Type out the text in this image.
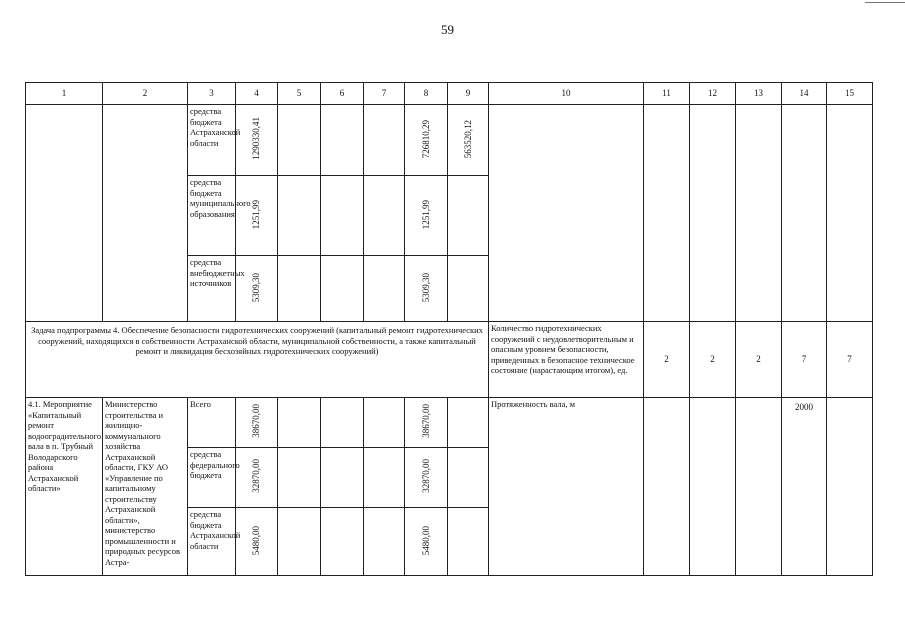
59
1	2	3	4	5	6	7	8	9	10	11	12	13	14	15
		средства бюджета Астраханской области	1290330,41				726810,29	563520,12						
		средства бюджета муниципального образования	1251,99				1251,99							
		средства внебюджетных источников	5309,30				5309,30							
Задача подпрограммы 4. Обеспечение безопасности гидротехнических сооружений (капитальный ремонт гидротехнических сооружений, находящихся в собственности Астраханской области, муниципальной собственности, а также капитальный ремонт и ликвидация бесхозяйных гидротехнических сооружений)									Количество гидротехнических сооружений с неудовлетворительным и опасным уровнем безопасности, приведенных в безопасное техническое состояние (нарастающим итогом), ед.	2	2	2	7	7
4.1. Мероприятие «Капитальный ремонт водооградительного вала в п. Трубный Володарского района Астраханской области»	Министерство строительства и жилищно-коммунального хозяйства Астраханской области, ГКУ АО «Управление по капитальному строительству Астраханской области», министерство промышленности и природных ресурсов Астра-	Всего	38670,00				38670,00		Протяженность вала, м				2000	
		средства федерального бюджета	32870,00				32870,00							
		средства бюджета Астраханской области	5480,00				5480,00							
